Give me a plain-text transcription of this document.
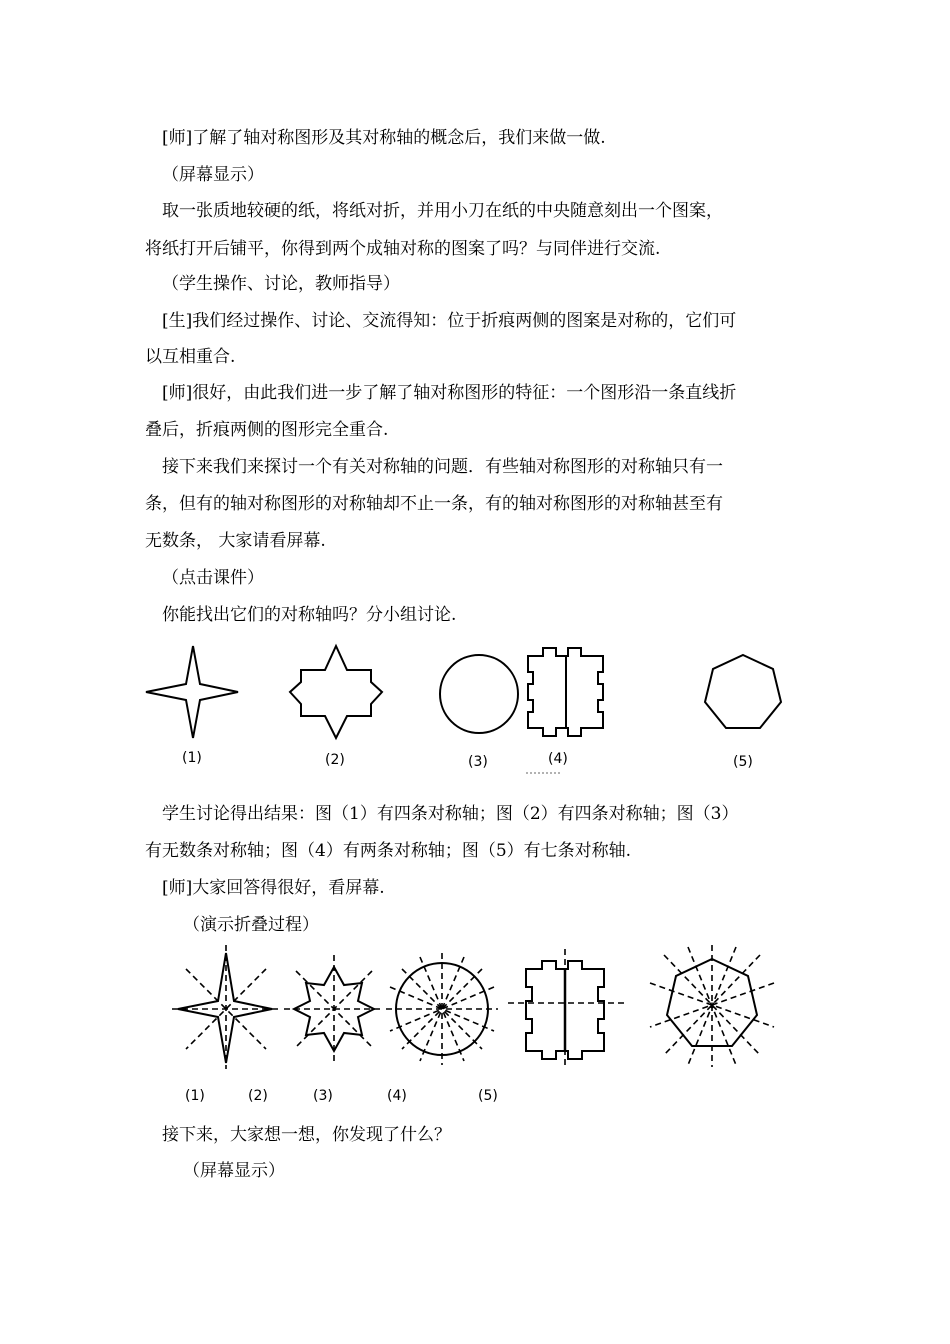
[师]了解了轴对称图形及其对称轴的概念后，我们来做一做.
（屏幕显示）
取一张质地较硬的纸，将纸对折，并用小刀在纸的中央随意刻出一个图案，
将纸打开后铺平，你得到两个成轴对称的图案了吗？与同伴进行交流.
（学生操作、讨论，教师指导）
[生]我们经过操作、讨论、交流得知：位于折痕两侧的图案是对称的，它们可
以互相重合.
[师]很好，由此我们进一步了解了轴对称图形的特征：一个图形沿一条直线折
叠后，折痕两侧的图形完全重合.
接下来我们来探讨一个有关对称轴的问题．有些轴对称图形的对称轴只有一
条，但有的轴对称图形的对称轴却不止一条，有的轴对称图形的对称轴甚至有
无数条， 大家请看屏幕.
（点击课件）
你能找出它们的对称轴吗？分小组讨论.
(1)	(2)	(3)	(4)	(5)
学生讨论得出结果：图（1）有四条对称轴；图（2）有四条对称轴；图（3）
有无数条对称轴；图（4）有两条对称轴；图（5）有七条对称轴.
[师]大家回答得很好，看屏幕.
（演示折叠过程）
(1)	(2)	(3)	(4)	(5)
接下来，大家想一想，你发现了什么？
（屏幕显示）
